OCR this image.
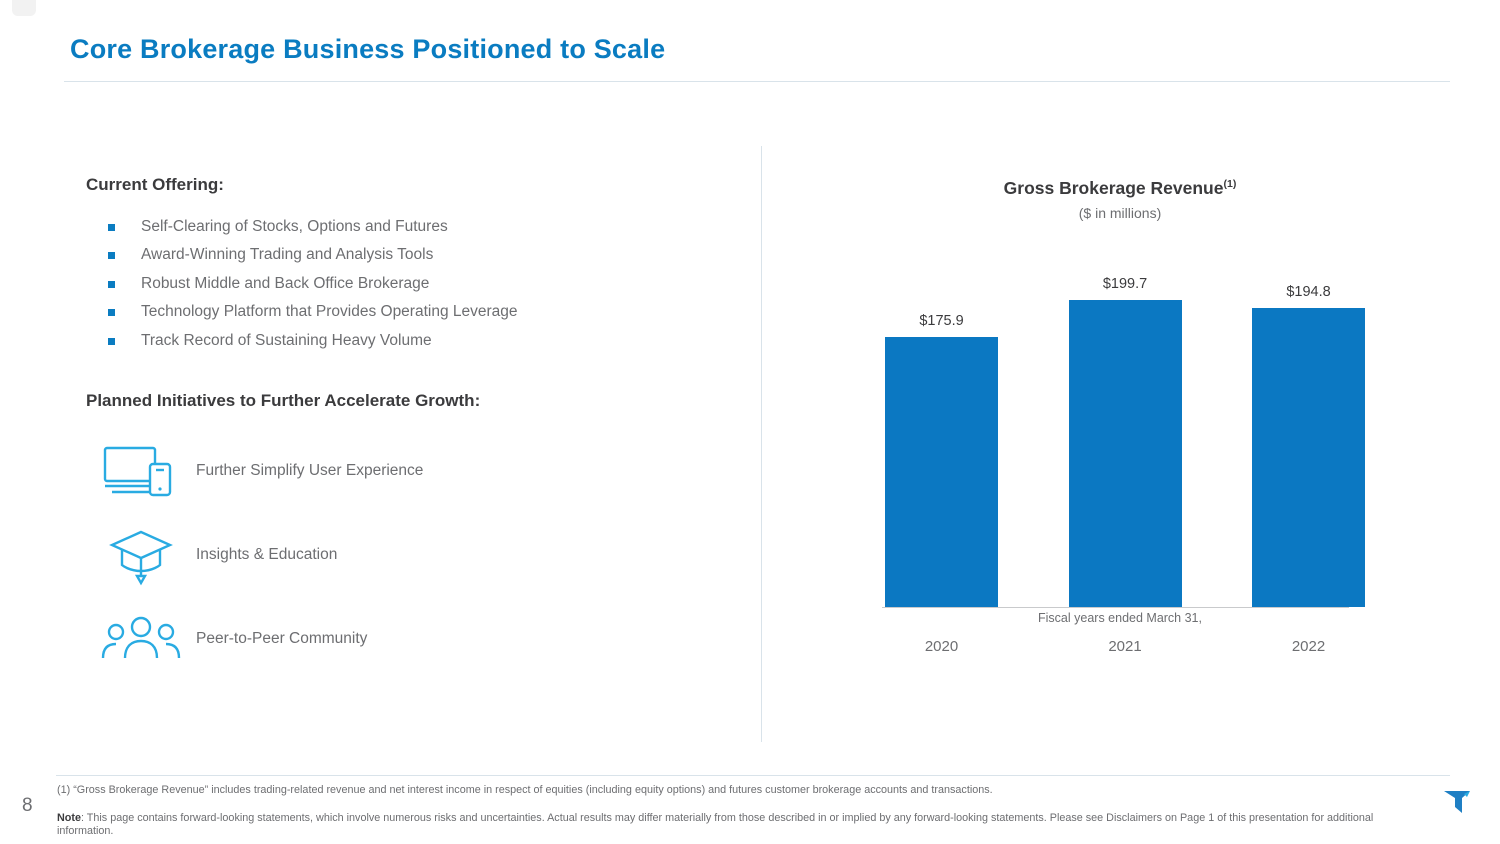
Core Brokerage Business Positioned to Scale
Current Offering:
Self-Clearing of Stocks, Options and Futures
Award-Winning Trading and Analysis Tools
Robust Middle and Back Office Brokerage
Technology Platform that Provides Operating Leverage
Track Record of Sustaining Heavy Volume
Planned Initiatives to Further Accelerate Growth:
Further Simplify User Experience
Insights & Education
Peer-to-Peer Community
Gross Brokerage Revenue$^{(1)}$
($ in millions)
$175.9
$199.7	$194.8
Fiscal years ended March 31,
2020	2021	2022
8
(1) “Gross Brokerage Revenue” includes trading-related revenue and net interest income in respect of equities (including equity options) and futures customer brokerage accounts and transactions.
Note: This page contains forward-looking statements, which involve numerous risks and uncertainties. Actual results may differ materially from those described in or implied by any forward-looking statements. Please see Disclaimers on Page 1 of this presentation for additional information.
